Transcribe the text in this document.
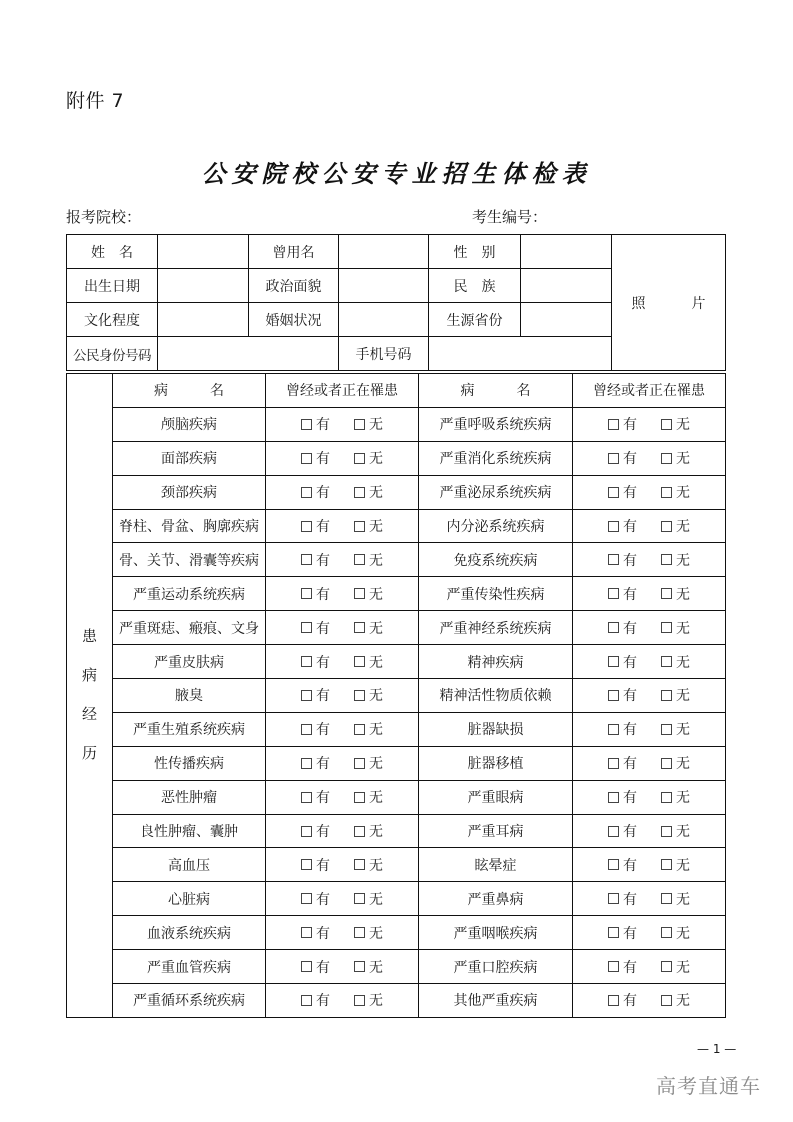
附件 7
公安院校公安专业招生体检表
报考院校：	考生编号：
姓　名		曾用名		性　别		照　片
出生日期		政治面貌		民　族		
文化程度		婚姻状况		生源省份		
公民身份号码			手机号码			
患
病
经
历	病　名	曾经或者正在罹患	病　名	曾经或者正在罹患
	颅脑疾病	有 无	严重呼吸系统疾病	有 无

	面部疾病	有 无	严重消化系统疾病	有 无

	颈部疾病	有 无	严重泌尿系统疾病	有 无

	脊柱、骨盆、胸廓疾病	有 无	内分泌系统疾病	有 无

	骨、关节、滑囊等疾病	有 无	免疫系统疾病	有 无

	严重运动系统疾病	有 无	严重传染性疾病	有 无

	严重斑痣、瘢痕、文身	有 无	严重神经系统疾病	有 无

	严重皮肤病	有 无	精神疾病	有 无

	腋臭	有 无	精神活性物质依赖	有 无

	严重生殖系统疾病	有 无	脏器缺损	有 无

	性传播疾病	有 无	脏器移植	有 无

	恶性肿瘤	有 无	严重眼病	有 无

	良性肿瘤、囊肿	有 无	严重耳病	有 无

	高血压	有 无	眩晕症	有 无

	心脏病	有 无	严重鼻病	有 无

	血液系统疾病	有 无	严重咽喉疾病	有 无

	严重血管疾病	有 无	严重口腔疾病	有 无

	严重循环系统疾病	有 无	其他严重疾病	有 无
— 1 —
高考直通车
